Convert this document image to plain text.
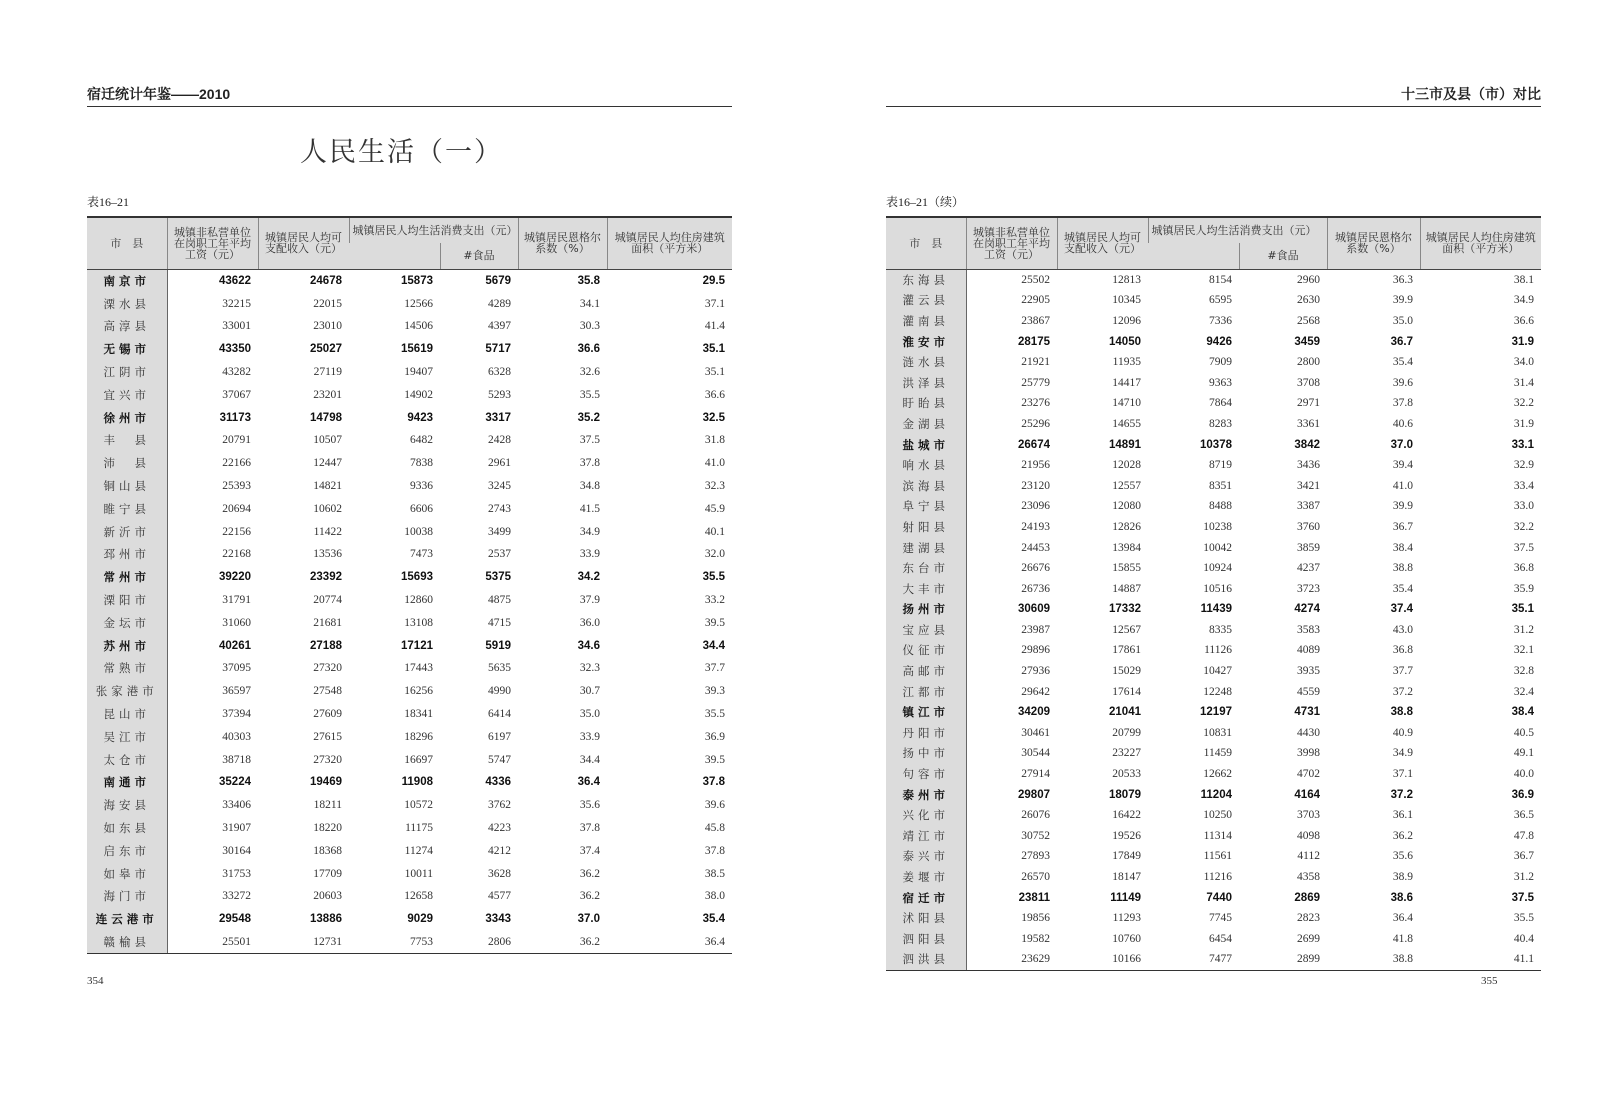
宿迁统计年鉴——2010
人民生活（一）
表16–21
市　县	城镇非私营单位在岗职工年平均工资（元）	城镇居民人均可支配收入（元）	城镇居民人均生活消费支出（元）		城镇居民恩格尔系数（%）	城镇居民人均住房建筑面积（平方米）
				#食品		
南京市	43622	24678	15873	5679	35.8	29.5
溧水县	32215	22015	12566	4289	34.1	37.1
高淳县	33001	23010	14506	4397	30.3	41.4
无锡市	43350	25027	15619	5717	36.6	35.1
江阴市	43282	27119	19407	6328	32.6	35.1
宜兴市	37067	23201	14902	5293	35.5	36.6
徐州市	31173	14798	9423	3317	35.2	32.5
丰　县	20791	10507	6482	2428	37.5	31.8
沛　县	22166	12447	7838	2961	37.8	41.0
铜山县	25393	14821	9336	3245	34.8	32.3
睢宁县	20694	10602	6606	2743	41.5	45.9
新沂市	22156	11422	10038	3499	34.9	40.1
邳州市	22168	13536	7473	2537	33.9	32.0
常州市	39220	23392	15693	5375	34.2	35.5
溧阳市	31791	20774	12860	4875	37.9	33.2
金坛市	31060	21681	13108	4715	36.0	39.5
苏州市	40261	27188	17121	5919	34.6	34.4
常熟市	37095	27320	17443	5635	32.3	37.7
张家港市	36597	27548	16256	4990	30.7	39.3
昆山市	37394	27609	18341	6414	35.0	35.5
吴江市	40303	27615	18296	6197	33.9	36.9
太仓市	38718	27320	16697	5747	34.4	39.5
南通市	35224	19469	11908	4336	36.4	37.8
海安县	33406	18211	10572	3762	35.6	39.6
如东县	31907	18220	11175	4223	37.8	45.8
启东市	30164	18368	11274	4212	37.4	37.8
如皋市	31753	17709	10011	3628	36.2	38.5
海门市	33272	20603	12658	4577	36.2	38.0
连云港市	29548	13886	9029	3343	37.0	35.4
赣榆县	25501	12731	7753	2806	36.2	36.4
354
十三市及县（市）对比
表16–21（续）
市　县	城镇非私营单位在岗职工年平均工资（元）	城镇居民人均可支配收入（元）	城镇居民人均生活消费支出（元）		城镇居民恩格尔系数（%）	城镇居民人均住房建筑面积（平方米）
				#食品		
东海县	25502	12813	8154	2960	36.3	38.1
灌云县	22905	10345	6595	2630	39.9	34.9
灌南县	23867	12096	7336	2568	35.0	36.6
淮安市	28175	14050	9426	3459	36.7	31.9
涟水县	21921	11935	7909	2800	35.4	34.0
洪泽县	25779	14417	9363	3708	39.6	31.4
盱眙县	23276	14710	7864	2971	37.8	32.2
金湖县	25296	14655	8283	3361	40.6	31.9
盐城市	26674	14891	10378	3842	37.0	33.1
响水县	21956	12028	8719	3436	39.4	32.9
滨海县	23120	12557	8351	3421	41.0	33.4
阜宁县	23096	12080	8488	3387	39.9	33.0
射阳县	24193	12826	10238	3760	36.7	32.2
建湖县	24453	13984	10042	3859	38.4	37.5
东台市	26676	15855	10924	4237	38.8	36.8
大丰市	26736	14887	10516	3723	35.4	35.9
扬州市	30609	17332	11439	4274	37.4	35.1
宝应县	23987	12567	8335	3583	43.0	31.2
仪征市	29896	17861	11126	4089	36.8	32.1
高邮市	27936	15029	10427	3935	37.7	32.8
江都市	29642	17614	12248	4559	37.2	32.4
镇江市	34209	21041	12197	4731	38.8	38.4
丹阳市	30461	20799	10831	4430	40.9	40.5
扬中市	30544	23227	11459	3998	34.9	49.1
句容市	27914	20533	12662	4702	37.1	40.0
泰州市	29807	18079	11204	4164	37.2	36.9
兴化市	26076	16422	10250	3703	36.1	36.5
靖江市	30752	19526	11314	4098	36.2	47.8
泰兴市	27893	17849	11561	4112	35.6	36.7
姜堰市	26570	18147	11216	4358	38.9	31.2
宿迁市	23811	11149	7440	2869	38.6	37.5
沭阳县	19856	11293	7745	2823	36.4	35.5
泗阳县	19582	10760	6454	2699	41.8	40.4
泗洪县	23629	10166	7477	2899	38.8	41.1
355
